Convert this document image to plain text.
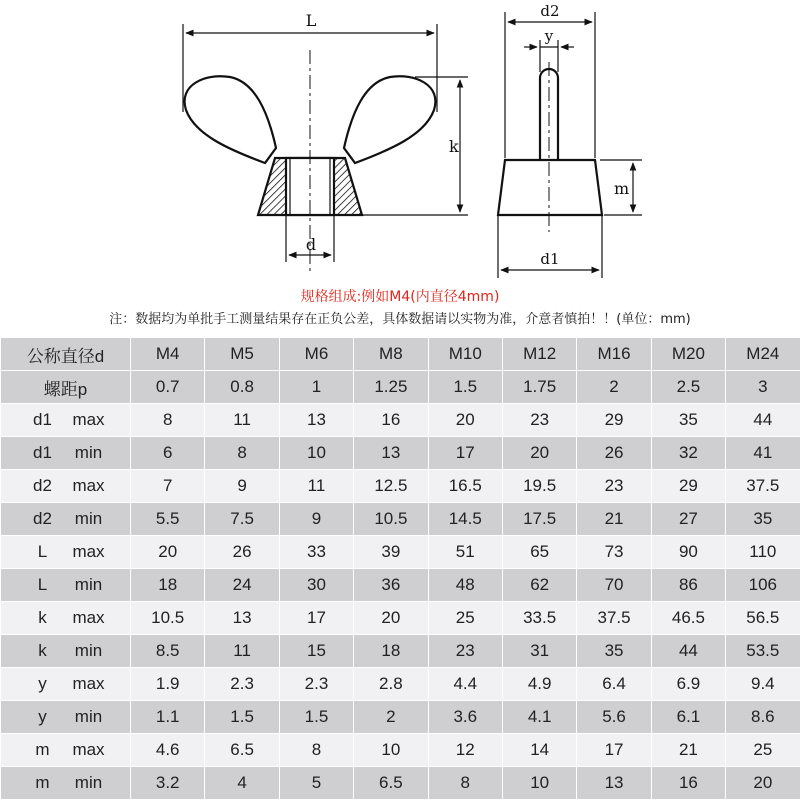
L
k
d
d2
y
m
d1
规格组成:例如M4(内直径4mm)
注：数据均为单批手工测量结果存在正负公差，具体数据请以实物为准，介意者慎拍！！(单位：mm)
公称直径d	M4	M5	M6	M8	M10	M12	M16	M20	M24
螺距p	0.7	0.8	1	1.25	1.5	1.75	2	2.5	3
d1 max	8	11	13	16	20	23	29	35	44
d1 min	6	8	10	13	17	20	26	32	41
d2 max	7	9	11	12.5	16.5	19.5	23	29	37.5
d2 min	5.5	7.5	9	10.5	14.5	17.5	21	27	35
L max	20	26	33	39	51	65	73	90	110
L min	18	24	30	36	48	62	70	86	106
k max	10.5	13	17	20	25	33.5	37.5	46.5	56.5
k min	8.5	11	15	18	23	31	35	44	53.5
y max	1.9	2.3	2.3	2.8	4.4	4.9	6.4	6.9	9.4
y min	1.1	1.5	1.5	2	3.6	4.1	5.6	6.1	8.6
m max	4.6	6.5	8	10	12	14	17	21	25
m min	3.2	4	5	6.5	8	10	13	16	20
